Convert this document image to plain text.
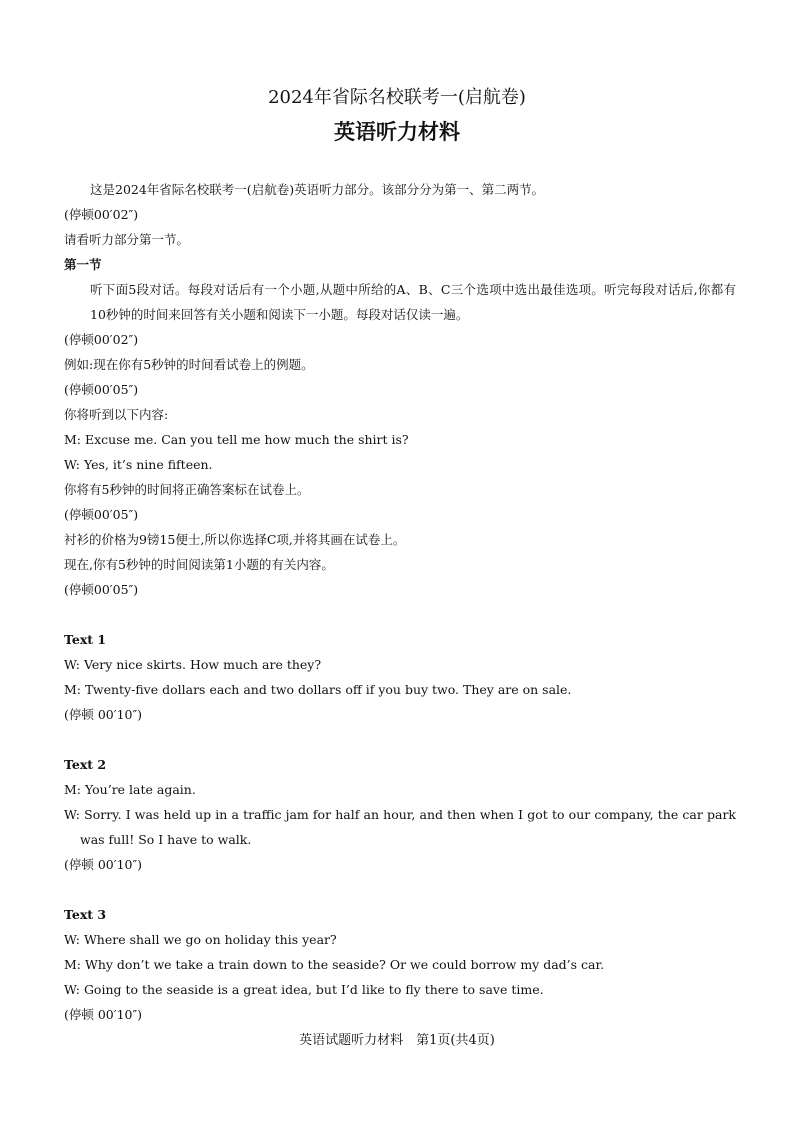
2024年省际名校联考一(启航卷)
英语听力材料
这是2024年省际名校联考一(启航卷)英语听力部分。该部分分为第一、第二两节。
(停顿00′02″)
请看听力部分第一节。
第一节
听下面5段对话。每段对话后有一个小题,从题中所给的A、B、C三个选项中选出最佳选项。听完每段对话后,你都有10秒钟的时间来回答有关小题和阅读下一小题。每段对话仅读一遍。
(停顿00′02″)
例如:现在你有5秒钟的时间看试卷上的例题。
(停顿00′05″)
你将听到以下内容:
M: Excuse me. Can you tell me how much the shirt is?
W: Yes, it’s nine fifteen.
你将有5秒钟的时间将正确答案标在试卷上。
(停顿00′05″)
衬衫的价格为9镑15便士,所以你选择C项,并将其画在试卷上。
现在,你有5秒钟的时间阅读第1小题的有关内容。
(停顿00′05″)
Text 1
W: Very nice skirts. How much are they?
M: Twenty-five dollars each and two dollars off if you buy two. They are on sale.
(停顿 00′10″)
Text 2
M: You’re late again.
W: Sorry. I was held up in a traffic jam for half an hour, and then when I got to our company, the car park was full! So I have to walk.
(停顿 00′10″)
Text 3
W: Where shall we go on holiday this year?
M: Why don’t we take a train down to the seaside? Or we could borrow my dad’s car.
W: Going to the seaside is a great idea, but I’d like to fly there to save time.
(停顿 00′10″)
英语试题听力材料　第1页(共4页)
